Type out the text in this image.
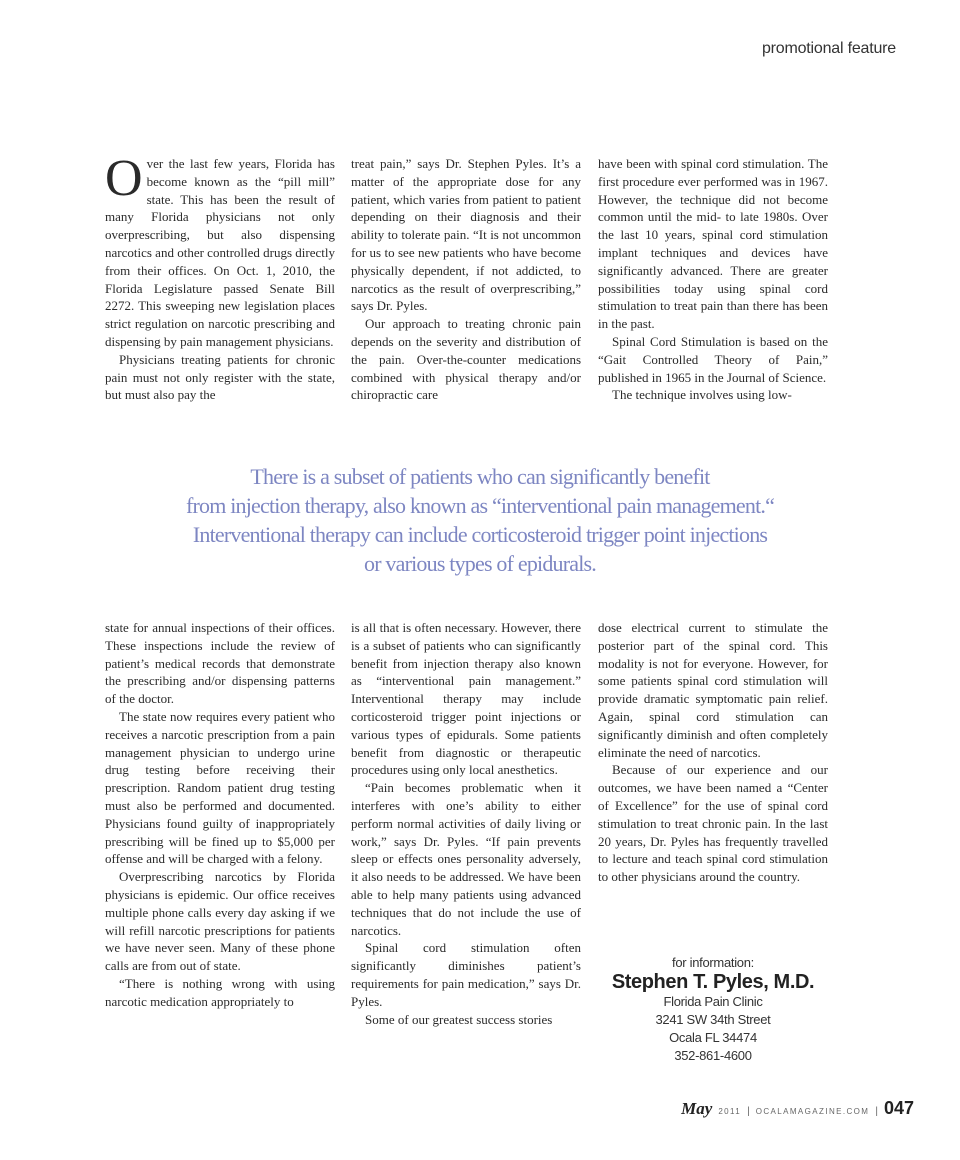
promotional feature
O ver the last few years, Florida has become known as the “pill mill” state. This has been the result of many Florida physicians not only overprescribing, but also dispensing narcotics and other controlled drugs directly from their offices. On Oct. 1, 2010, the Florida Legislature passed Senate Bill 2272. This sweeping new legislation places strict regulation on narcotic prescribing and dispensing by pain management physicians.

Physicians treating patients for chronic pain must not only register with the state, but must also pay the

treat pain,” says Dr. Stephen Pyles. It’s a matter of the appropriate dose for any patient, which varies from patient to patient depending on their diagnosis and their ability to tolerate pain. “It is not uncommon for us to see new patients who have become physically dependent, if not addicted, to narcotics as the result of overprescribing,” says Dr. Pyles.

Our approach to treating chronic pain depends on the severity and distribution of the pain. Over-the-counter medications combined with physical therapy and/or chiropractic care

have been with spinal cord stimulation. The first procedure ever performed was in 1967. However, the technique did not become common until the mid- to late 1980s. Over the last 10 years, spinal cord stimulation implant techniques and devices have significantly advanced. There are greater possibilities today using spinal cord stimulation to treat pain than there has been in the past.

Spinal Cord Stimulation is based on the “Gait Controlled Theory of Pain,” published in 1965 in the Journal of Science.

The technique involves using low-

There is a subset of patients who can significantly benefit
from injection therapy, also known as “interventional pain management.“
Interventional therapy can include corticosteroid trigger point injections
or various types of epidurals.

state for annual inspections of their offices. These inspections include the review of patient’s medical records that demonstrate the prescribing and/or dispensing patterns of the doctor.

The state now requires every patient who receives a narcotic prescription from a pain management physician to undergo urine drug testing before receiving their prescription. Random patient drug testing must also be performed and documented. Physicians found guilty of inappropriately prescribing will be fined up to $5,000 per offense and will be charged with a felony.

Overprescribing narcotics by Florida physicians is epidemic. Our office receives multiple phone calls every day asking if we will refill narcotic prescriptions for patients we have never seen. Many of these phone calls are from out of state.

“There is nothing wrong with using narcotic medication appropriately to

is all that is often necessary. However, there is a subset of patients who can significantly benefit from injection therapy also known as “interventional pain management.” Interventional therapy may include corticosteroid trigger point injections or various types of epidurals. Some patients benefit from diagnostic or therapeutic procedures using only local anesthetics.

“Pain becomes problematic when it interferes with one’s ability to either perform normal activities of daily living or work,” says Dr. Pyles. “If pain prevents sleep or effects ones personality adversely, it also needs to be addressed. We have been able to help many patients using advanced techniques that do not include the use of narcotics.

Spinal cord stimulation often significantly diminishes patient’s requirements for pain medication,” says Dr. Pyles.

Some of our greatest success stories

dose electrical current to stimulate the posterior part of the spinal cord. This modality is not for everyone. However, for some patients spinal cord stimulation will provide dramatic symptomatic pain relief. Again, spinal cord stimulation can significantly diminish and often completely eliminate the need of narcotics.

Because of our experience and our outcomes, we have been named a “Center of Excellence” for the use of spinal cord stimulation to treat chronic pain. In the last 20 years, Dr. Pyles has frequently travelled to lecture and teach spinal cord stimulation to other physicians around the country.

for information:
Stephen T. Pyles, M.D.
Florida Pain Clinic
3241 SW 34th Street
Ocala FL 34474
352-861-4600
May 2011 | OCALAMAGAZINE.COM | 047
